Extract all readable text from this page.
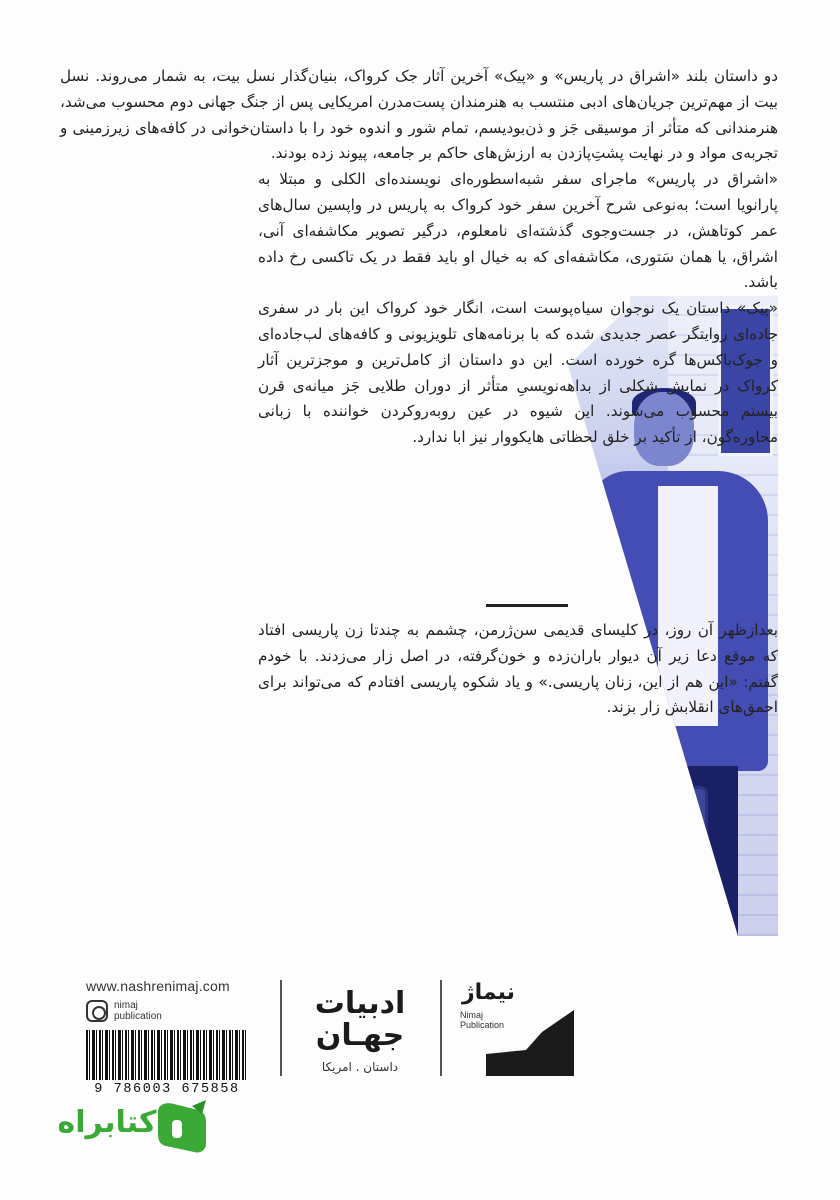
دو داستان بلند «اشراق در پاریس» و «پیک» آخرین آثار جک کرواک، بنیان‌گذار نسل بیت، به شمار می‌روند. نسل بیت از مهم‌ترین جریان‌های ادبی منتسب به هنرمندان پست‌مدرن امریکایی پس از جنگ جهانی دوم محسوب می‌شد، هنرمندانی که متأثر از موسیقی جَز و ذن‌بودیسم، تمام شور و اندوه خود را با داستان‌خوانی در کافه‌های زیرزمینی و تجربه‌ی مواد و در نهایت پشتِ‌پازدن به ارزش‌های حاکم بر جامعه، پیوند زده بودند.

«اشراق در پاریس» ماجرای سفر شبه‌اسطوره‌ای نویسنده‌ای الکلی و مبتلا به پارانویا است؛ به‌نوعی شرح آخرین سفر خود کرواک به پاریس در واپسین سال‌های عمر کوتاهش، در جست‌وجوی گذشته‌ای نامعلوم، درگیر تصویر مکاشفه‌ای آنی، اشراق، یا همان سَتوری، مکاشفه‌ای که به خیال او باید فقط در یک تاکسی رخ داده باشد.

«پیک» داستان یک نوجوان سیاه‌پوست است، انگار خود کرواک این بار در سفری جاده‌ای روایتگر عصر جدیدی شده که با برنامه‌های تلویزیونی و کافه‌های لب‌جاده‌ای و جوک‌باکس‌ها گره خورده است. این دو داستان از کامل‌ترین و موجزترین آثار کرواک در نمایش شکلی از بداهه‌نویسیِ متأثر از دوران طلایی جَز میانه‌ی قرن بیستم محسوب می‌شوند. این شیوه در عین روبه‌روکردن خواننده با زبانی محاوره‌گون، از تأکید بر خلق لحظاتی هایکووار نیز ابا ندارد.

بعدازظهر آن روز، در کلیسای قدیمی سن‌ژرمن، چشمم به چندتا زن پاریسی افتاد که موقع دعا زیر آن دیوار باران‌زده و خون‌گرفته، در اصل زار می‌زدند. با خودم گفتم: «این هم از این، زنان پاریسی.» و یاد شکوه پاریسی افتادم که می‌تواند برای احمق‌های انقلابش زار بزند.

www.nashrenimaj.com
nimaj
publication
9 786003 675858
ادبیات
جهـان
داستان . امریکا
نیماژ
Nimaj
Publication
کتابراه
